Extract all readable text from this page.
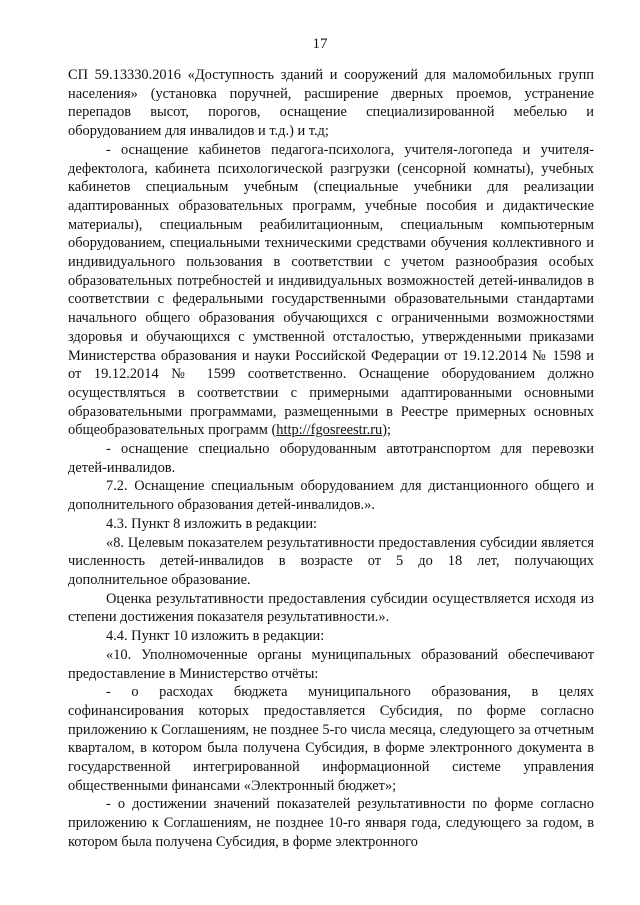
17

СП 59.13330.2016 «Доступность зданий и сооружений для маломобильных групп населения» (установка поручней, расширение дверных проемов, устранение перепадов высот, порогов, оснащение специализированной мебелью и оборудованием для инвалидов и т.д.) и т.д;

- оснащение кабинетов педагога-психолога, учителя-логопеда и учителя-дефектолога, кабинета психологической разгрузки (сенсорной комнаты), учебных кабинетов специальным учебным (специальные учебники для реализации адаптированных образовательных программ, учебные пособия и дидактические материалы), специальным реабилитационным, специальным компьютерным оборудованием, специальными техническими средствами обучения коллективного и индивидуального пользования в соответствии с учетом разнообразия особых образовательных потребностей и индивидуальных возможностей детей-инвалидов в соответствии с федеральными государственными образовательными стандартами начального общего образования обучающихся с ограниченными возможностями здоровья и обучающихся с умственной отсталостью, утвержденными приказами Министерства образования и науки Российской Федерации от 19.12.2014 № 1598 и от 19.12.2014 № 1599 соответственно. Оснащение оборудованием должно осуществляться в соответствии с примерными адаптированными основными образовательными программами, размещенными в Реестре примерных основных общеобразовательных программ (http://fgosreestr.ru);

- оснащение специально оборудованным автотранспортом для перевозки детей-инвалидов.

7.2. Оснащение специальным оборудованием для дистанционного общего и дополнительного образования детей-инвалидов.».

4.3. Пункт 8 изложить в редакции:

«8. Целевым показателем результативности предоставления субсидии является численность детей-инвалидов в возрасте от 5 до 18 лет, получающих дополнительное образование.

Оценка результативности предоставления субсидии осуществляется исходя из степени достижения показателя результативности.».

4.4. Пункт 10 изложить в редакции:

«10. Уполномоченные органы муниципальных образований обеспечивают предоставление в Министерство отчёты:

- о расходах бюджета муниципального образования, в целях софинансирования которых предоставляется Субсидия, по форме согласно приложению к Соглашениям, не позднее 5-го числа месяца, следующего за отчетным кварталом, в котором была получена Субсидия, в форме электронного документа в государственной интегрированной информационной системе управления общественными финансами «Электронный бюджет»;

- о достижении значений показателей результативности по форме согласно приложению к Соглашениям, не позднее 10-го января года, следующего за годом, в котором была получена Субсидия, в форме электронного
